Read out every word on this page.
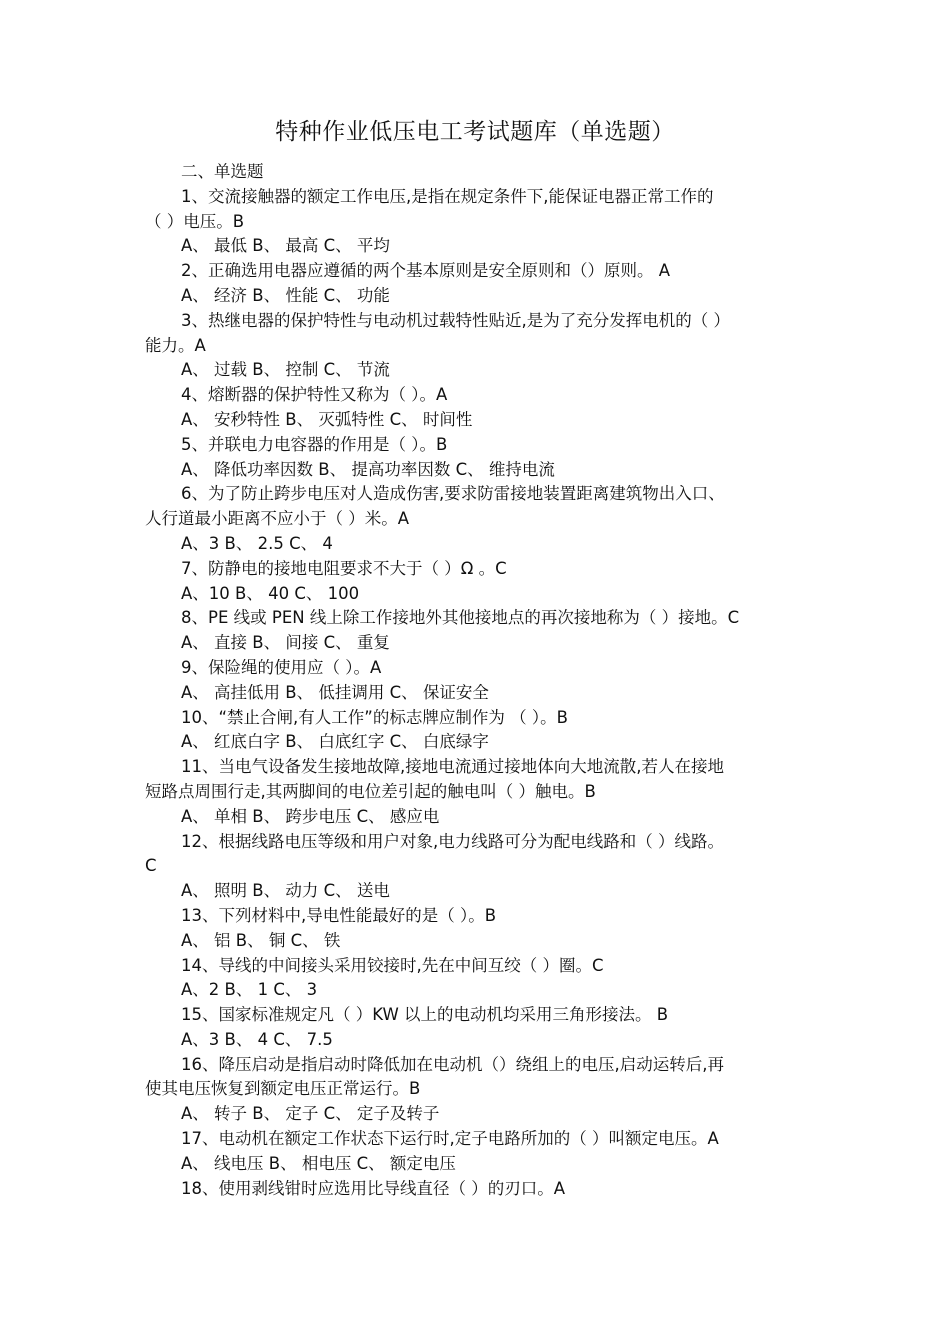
特种作业低压电工考试题库（单选题）
二、单选题
1、交流接触器的额定工作电压,是指在规定条件下,能保证电器正常工作的
（ ）电压。B
A、 最低 B、 最高 C、 平均
2、正确选用电器应遵循的两个基本原则是安全原则和（）原则。 A
A、 经济 B、 性能 C、 功能
3、热继电器的保护特性与电动机过载特性贴近,是为了充分发挥电机的（ ）
能力。A
A、 过载 B、 控制 C、 节流
4、熔断器的保护特性又称为（ ）。A
A、 安秒特性 B、 灭弧特性 C、 时间性
5、并联电力电容器的作用是（ ）。B
A、 降低功率因数 B、 提高功率因数 C、 维持电流
6、为了防止跨步电压对人造成伤害,要求防雷接地装置距离建筑物出入口、
人行道最小距离不应小于（ ）米。A
A、3 B、 2.5 C、 4
7、防静电的接地电阻要求不大于（ ）Ω 。C
A、10 B、 40 C、 100
8、PE 线或 PEN 线上除工作接地外其他接地点的再次接地称为（ ）接地。C
A、 直接 B、 间接 C、 重复
9、保险绳的使用应（ ）。A
A、 高挂低用 B、 低挂调用 C、 保证安全
10、“禁止合闸,有人工作”的标志牌应制作为 （ ）。B
A、 红底白字 B、 白底红字 C、 白底绿字
11、当电气设备发生接地故障,接地电流通过接地体向大地流散,若人在接地
短路点周围行走,其两脚间的电位差引起的触电叫（ ）触电。B
A、 单相 B、 跨步电压 C、 感应电
12、根据线路电压等级和用户对象,电力线路可分为配电线路和（ ）线路。
C
A、 照明 B、 动力 C、 送电
13、下列材料中,导电性能最好的是（ ）。B
A、 铝 B、 铜 C、 铁
14、导线的中间接头采用铰接时,先在中间互绞（ ）圈。C
A、2 B、 1 C、 3
15、国家标准规定凡（ ）KW 以上的电动机均采用三角形接法。 B
A、3 B、 4 C、 7.5
16、降压启动是指启动时降低加在电动机（）绕组上的电压,启动运转后,再
使其电压恢复到额定电压正常运行。B
A、 转子 B、 定子 C、 定子及转子
17、电动机在额定工作状态下运行时,定子电路所加的（ ）叫额定电压。A
A、 线电压 B、 相电压 C、 额定电压
18、使用剥线钳时应选用比导线直径（ ）的刃口。A
